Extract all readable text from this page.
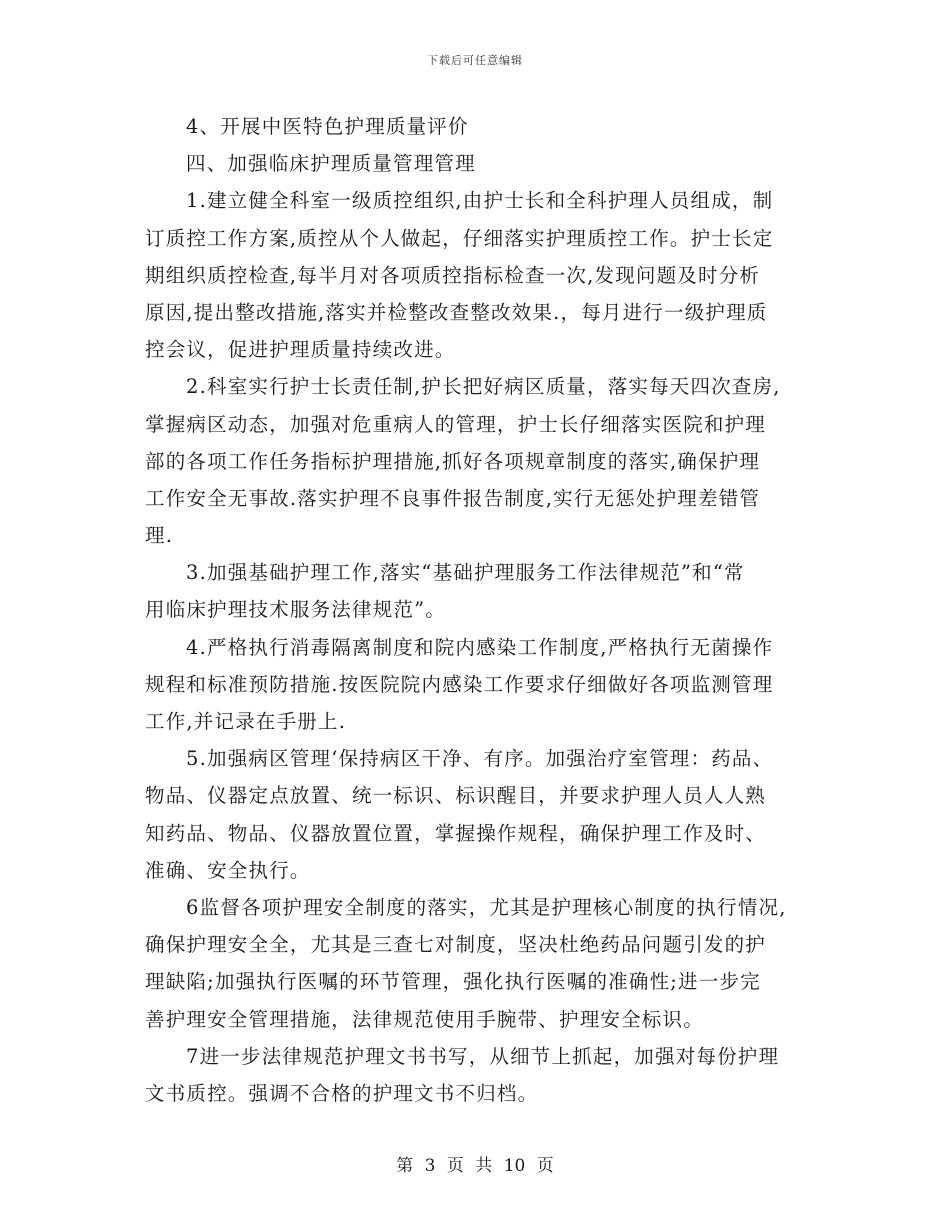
下载后可任意编辑
4、开展中医特色护理质量评价
四、加强临床护理质量管理管理
1.建立健全科室一级质控组织,由护士长和全科护理人员组成，制
订质控工作方案,质控从个人做起，仔细落实护理质控工作。护士长定
期组织质控检查,每半月对各项质控指标检查一次,发现问题及时分析
原因,提出整改措施,落实并检整改查整改效果.，每月进行一级护理质
控会议，促进护理质量持续改进。
2.科室实行护士长责任制,护长把好病区质量，落实每天四次查房,
掌握病区动态，加强对危重病人的管理，护士长仔细落实医院和护理
部的各项工作任务指标护理措施,抓好各项规章制度的落实,确保护理
工作安全无事故.落实护理不良事件报告制度,实行无惩处护理差错管
理.
3.加强基础护理工作,落实“基础护理服务工作法律规范”和“常
用临床护理技术服务法律规范”。
4.严格执行消毒隔离制度和院内感染工作制度,严格执行无菌操作
规程和标准预防措施.按医院院内感染工作要求仔细做好各项监测管理
工作,并记录在手册上.
5.加强病区管理‘保持病区干净、有序。加强治疗室管理：药品、
物品、仪器定点放置、统一标识、标识醒目，并要求护理人员人人熟
知药品、物品、仪器放置位置，掌握操作规程，确保护理工作及时、
准确、安全执行。
6监督各项护理安全制度的落实，尤其是护理核心制度的执行情况,
确保护理安全全，尤其是三查七对制度，坚决杜绝药品问题引发的护
理缺陷;加强执行医嘱的环节管理，强化执行医嘱的准确性;进一步完
善护理安全管理措施，法律规范使用手腕带、护理安全标识。
7进一步法律规范护理文书书写，从细节上抓起，加强对每份护理
文书质控。强调不合格的护理文书不归档。
第 3 页 共 10 页
